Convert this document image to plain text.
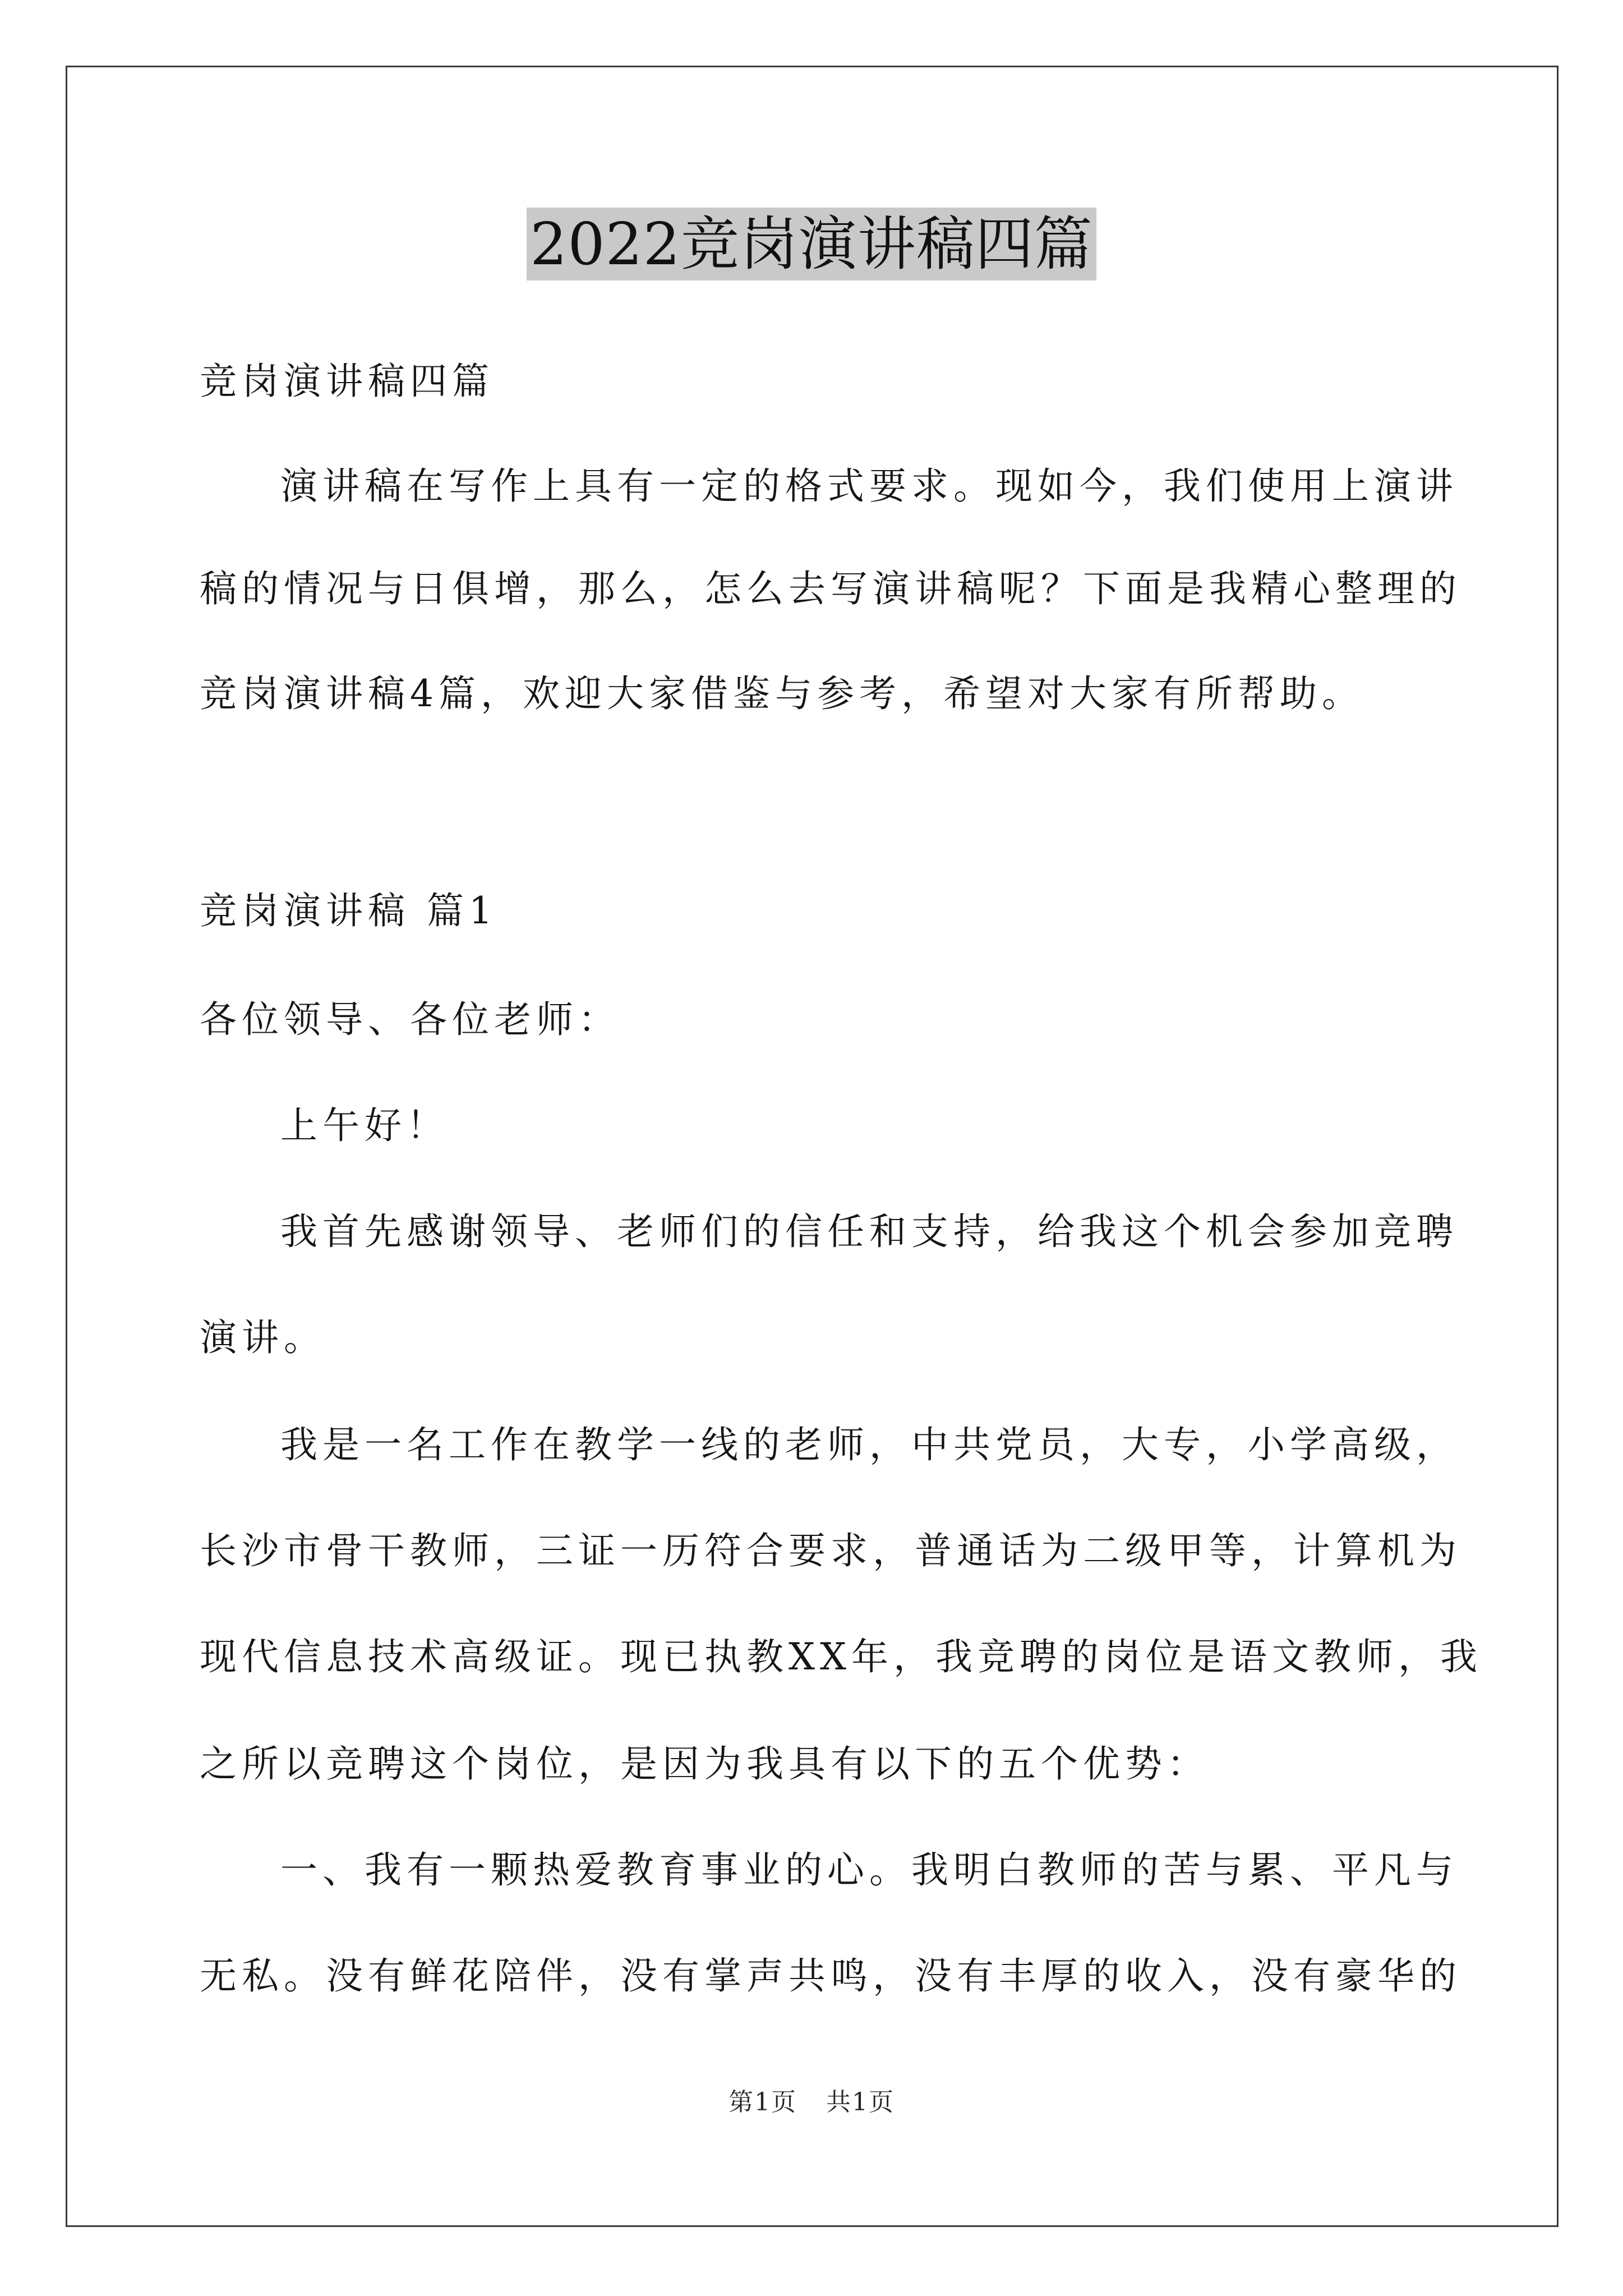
2022竞岗演讲稿四篇
竞岗演讲稿四篇
演讲稿在写作上具有一定的格式要求。现如今，我们使用上演讲
稿的情况与日俱增，那么，怎么去写演讲稿呢？下面是我精心整理的
竞岗演讲稿4篇，欢迎大家借鉴与参考，希望对大家有所帮助。
竞岗演讲稿 篇1
各位领导、各位老师：
上午好！
我首先感谢领导、老师们的信任和支持，给我这个机会参加竞聘
演讲。
我是一名工作在教学一线的老师，中共党员，大专，小学高级，
长沙市骨干教师，三证一历符合要求，普通话为二级甲等，计算机为
现代信息技术高级证。现已执教XX年，我竞聘的岗位是语文教师，我
之所以竞聘这个岗位，是因为我具有以下的五个优势：
一、我有一颗热爱教育事业的心。我明白教师的苦与累、平凡与
无私。没有鲜花陪伴，没有掌声共鸣，没有丰厚的收入，没有豪华的
第1页 共1页
